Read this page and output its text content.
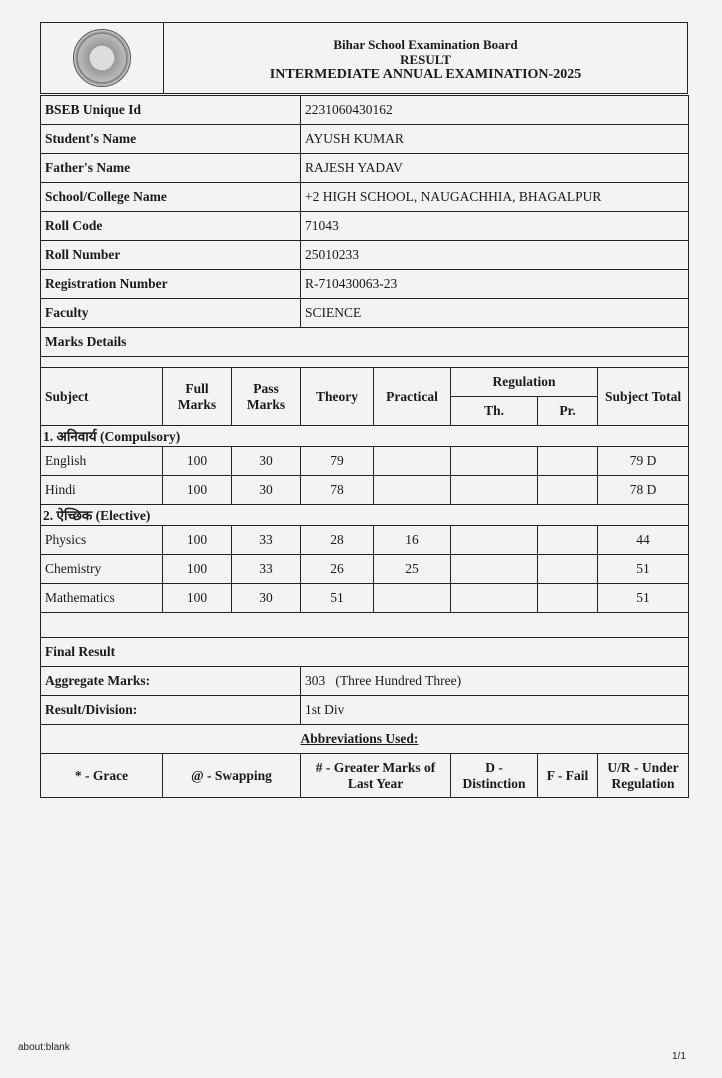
Bihar School Examination Board
RESULT
INTERMEDIATE ANNUAL EXAMINATION-2025
BSEB Unique Id			2231060430162				
Student's Name			AYUSH KUMAR				
Father's Name			RAJESH YADAV				
School/College Name			+2 HIGH SCHOOL, NAUGACHHIA, BHAGALPUR				
Roll Code			71043				
Roll Number			25010233				
Registration Number			R-710430063-23				
Faculty			SCIENCE				
Marks Details							

Subject	Full Marks	Pass Marks	Theory	Practical	Regulation		Subject Total
					Th.	Pr.	
1. अनिवार्य (Compulsory)							
English	100	30	79				79 D
Hindi	100	30	78				78 D
2. ऐच्छिक (Elective)							
Physics	100	33	28	16			44
Chemistry	100	33	26	25			51
Mathematics	100	30	51				51

Final Result							
Aggregate Marks:			303   (Three Hundred Three)				
Result/Division:			1st Div				
			Abbreviations Used:				
* - Grace	@ - Swapping		# - Greater Marks of Last Year		D - Distinction	F - Fail	U/R - Under Regulation
about:blank
1/1
